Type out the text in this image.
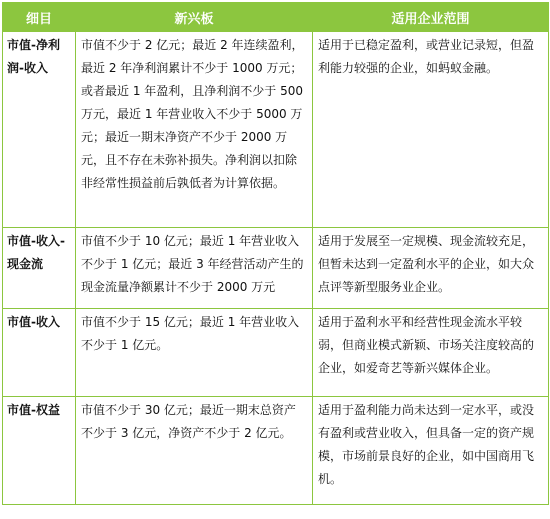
细目	新兴板	适用企业范围
市值-净利润-收入	市值不少于 2 亿元；最近 2 年连续盈利，最近 2 年净利润累计不少于 1000 万元；或者最近 1 年盈利，且净利润不少于 500 万元，最近 1 年营业收入不少于 5000 万元；最近一期末净资产不少于 2000 万元，且不存在未弥补损失。净利润以扣除非经常性损益前后孰低者为计算依据。	适用于已稳定盈利，或营业记录短，但盈利能力较强的企业，如蚂蚁金融。
市值-收入-现金流	市值不少于 10 亿元；最近 1 年营业收入不少于 1 亿元；最近 3 年经营活动产生的现金流量净额累计不少于 2000 万元	适用于发展至一定规模、现金流较充足，但暂未达到一定盈利水平的企业，如大众点评等新型服务业企业。
市值-收入	市值不少于 15 亿元；最近 1 年营业收入不少于 1 亿元。	适用于盈利水平和经营性现金流水平较弱，但商业模式新颖、市场关注度较高的企业，如爱奇艺等新兴媒体企业。
市值-权益	市值不少于 30 亿元；最近一期末总资产不少于 3 亿元，净资产不少于 2 亿元。	适用于盈利能力尚未达到一定水平，或没有盈利或营业收入，但具备一定的资产规模，市场前景良好的企业，如中国商用飞机。
